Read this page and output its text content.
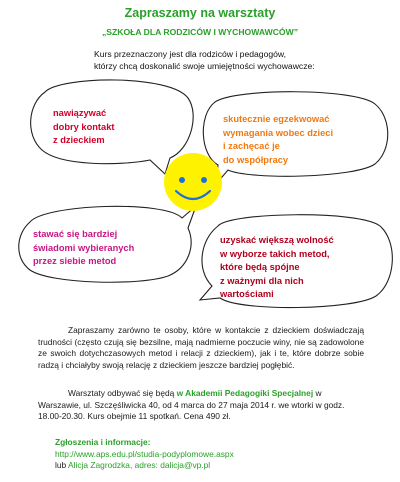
Zapraszamy na warsztaty
„SZKOŁA DLA RODZICÓW I WYCHOWAWCÓW”
Kurs przeznaczony jest dla rodziców i pedagogów,
którzy chcą doskonalić swoje umiejętności wychowawcze:
nawiązywać
dobry kontakt
z dzieckiem
skutecznie egzekwować
wymagania wobec dzieci
i zachęcać je
do współpracy
stawać się bardziej
świadomi wybieranych
przez siebie metod
uzyskać większą wolność
w wyborze takich metod,
które będą spójne
z ważnymi dla nich
wartościami
Zapraszamy zarówno te osoby, które w kontakcie z dzieckiem doświadczają trudności (często czują się bezsilne, mają nadmierne poczucie winy, nie są zadowolone ze swoich dotychczasowych metod i relacji z dzieckiem), jak i te, które dobrze sobie radzą i chciałyby swoją relację z dzieckiem jeszcze bardziej pogłębić.
Warsztaty odbywać się będą w Akademii Pedagogiki Specjalnej w Warszawie, ul. Szczęśliwicka 40, od 4 marca do 27 maja 2014 r. we wtorki w godz. 18.00-20.30. Kurs obejmie 11 spotkań. Cena 490 zł.
Zgłoszenia i informacje:
http://www.aps.edu.pl/studia-podyplomowe.aspx
lub Alicja Zagrodzka, adres: dalicja@vp.pl
